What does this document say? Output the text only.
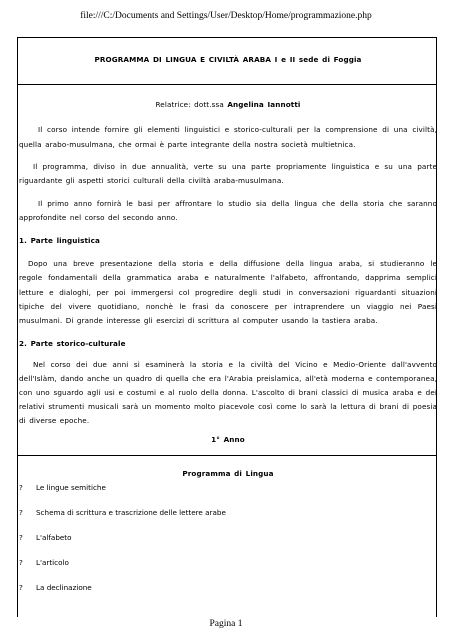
file:///C:/Documents and Settings/User/Desktop/Home/programmazione.php
PROGRAMMA DI LINGUA E CIVILTÀ ARABA I e II sede di Foggia
Relatrice: dott.ssa Angelina Iannotti
Il corso intende fornire gli elementi linguistici e storico-culturali per la comprensione di una civiltà,
quella arabo-musulmana, che ormai è parte integrante della nostra società multietnica.
Il programma, diviso in due annualità, verte su una parte propriamente linguistica e su una parte
riguardante gli aspetti storici culturali della civiltà araba-musulmana.
Il primo anno fornirà le basi per affrontare lo studio sia della lingua che della storia che saranno
approfondite nel corso del secondo anno.
1. Parte linguistica
Dopo una breve presentazione della storia e della diffusione della lingua araba, si studieranno le
regole fondamentali della grammatica araba e naturalmente l'alfabeto, affrontando, dapprima semplici
letture e dialoghi, per poi immergersi col progredire degli studi in conversazioni riguardanti situazioni
tipiche del vivere quotidiano, nonchè le frasi da conoscere per intraprendere un viaggio nei Paesi
musulmani. Di grande interesse gli esercizi di scrittura al computer usando la tastiera araba.
2. Parte storico-culturale
Nel corso dei due anni si esaminerà la storia e la civiltà del Vicino e Medio-Oriente dall'avvento
dell'Islàm, dando anche un quadro di quella che era l'Arabia preislamica, all'età moderna e contemporanea,
con uno sguardo agli usi e costumi e al ruolo della donna. L'ascolto di brani classici di musica araba e dei
relativi strumenti musicali sarà un momento molto piacevole così come lo sarà la lettura di brani di poesia
di diverse epoche.
1° Anno
Programma di Lingua
? Le lingue semitiche
? Schema di scrittura e trascrizione delle lettere arabe
? L'alfabeto
? L'articolo
? La declinazione
Pagina 1
